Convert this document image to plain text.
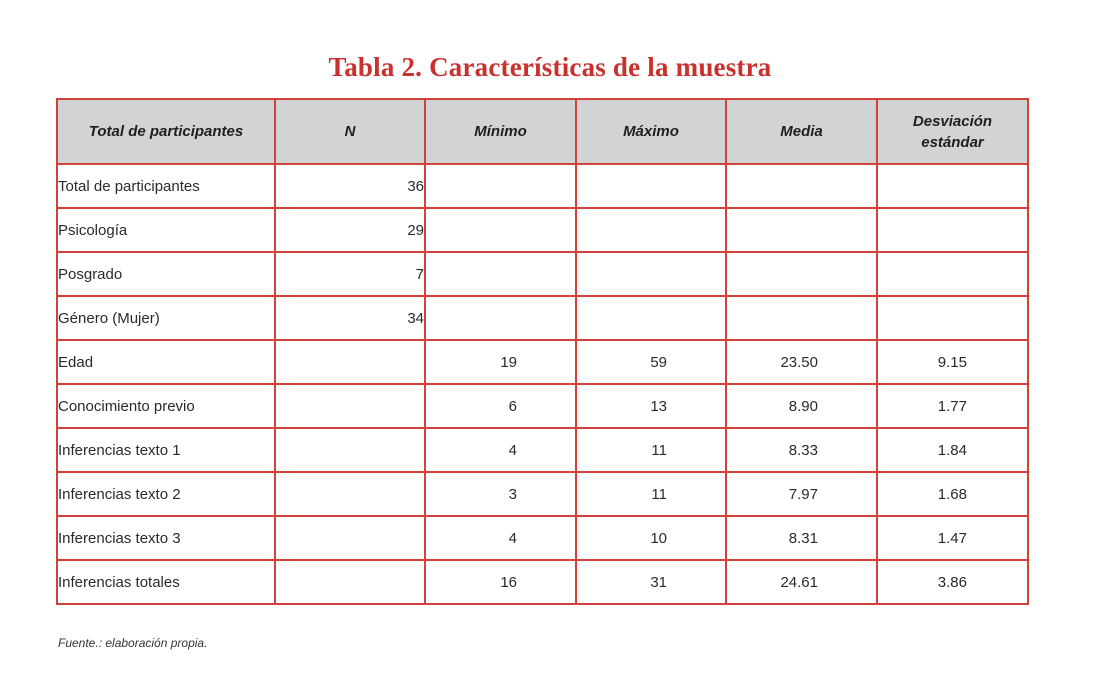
Tabla 2. Características de la muestra
Total de participantes	N	Mínimo	Máximo	Media	Desviación estándar
Total de participantes	36				
Psicología	29				
Posgrado	7				
Género (Mujer)	34				
Edad		19	59	23.50	9.15
Conocimiento previo		6	13	8.90	1.77
Inferencias texto 1		4	11	8.33	1.84
Inferencias texto 2		3	11	7.97	1.68
Inferencias texto 3		4	10	8.31	1.47
Inferencias totales		16	31	24.61	3.86
Fuente.: elaboración propia.
